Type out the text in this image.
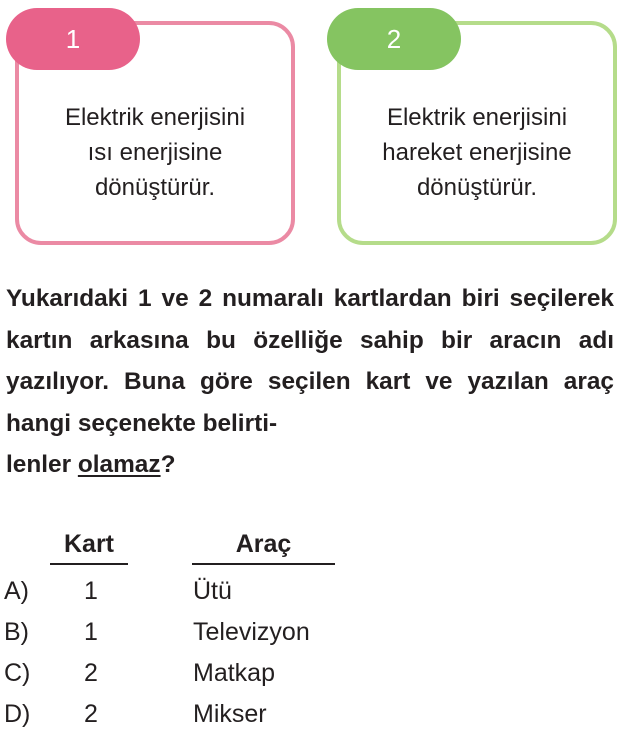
1	2
Elektrik enerjisini
ısı enerjisine
dönüştürür.
Elektrik enerjisini
hareket enerjisine
dönüştürür.
Yukarıdaki 1 ve 2 numaralı kartlardan biri seçilerek kartın arkasına bu özelliğe sahip bir aracın adı yazılıyor. Buna göre seçilen kart ve yazılan araç hangi seçenekte belirti-
lenler olamaz?
Kart	Araç
A) 1	Ütü
B) 1	Televizyon
C) 2	Matkap
D) 2	Mikser
